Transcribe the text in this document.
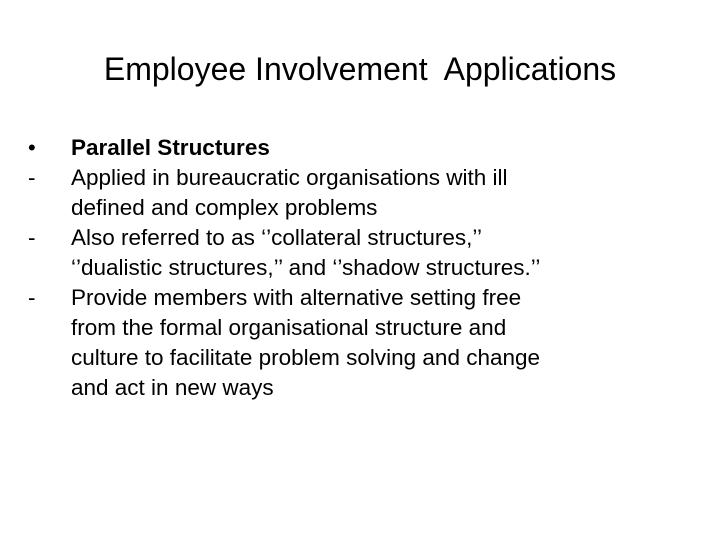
Employee Involvement  Applications
•	Parallel Structures
-	Applied in bureaucratic organisations with ill
defined and complex problems
-	Also referred to as ‘’collateral structures,’’
‘’dualistic structures,’’ and ‘’shadow structures.’’
-	Provide members with alternative setting free
from the formal organisational structure and
culture to facilitate problem solving and change
and act in new ways
